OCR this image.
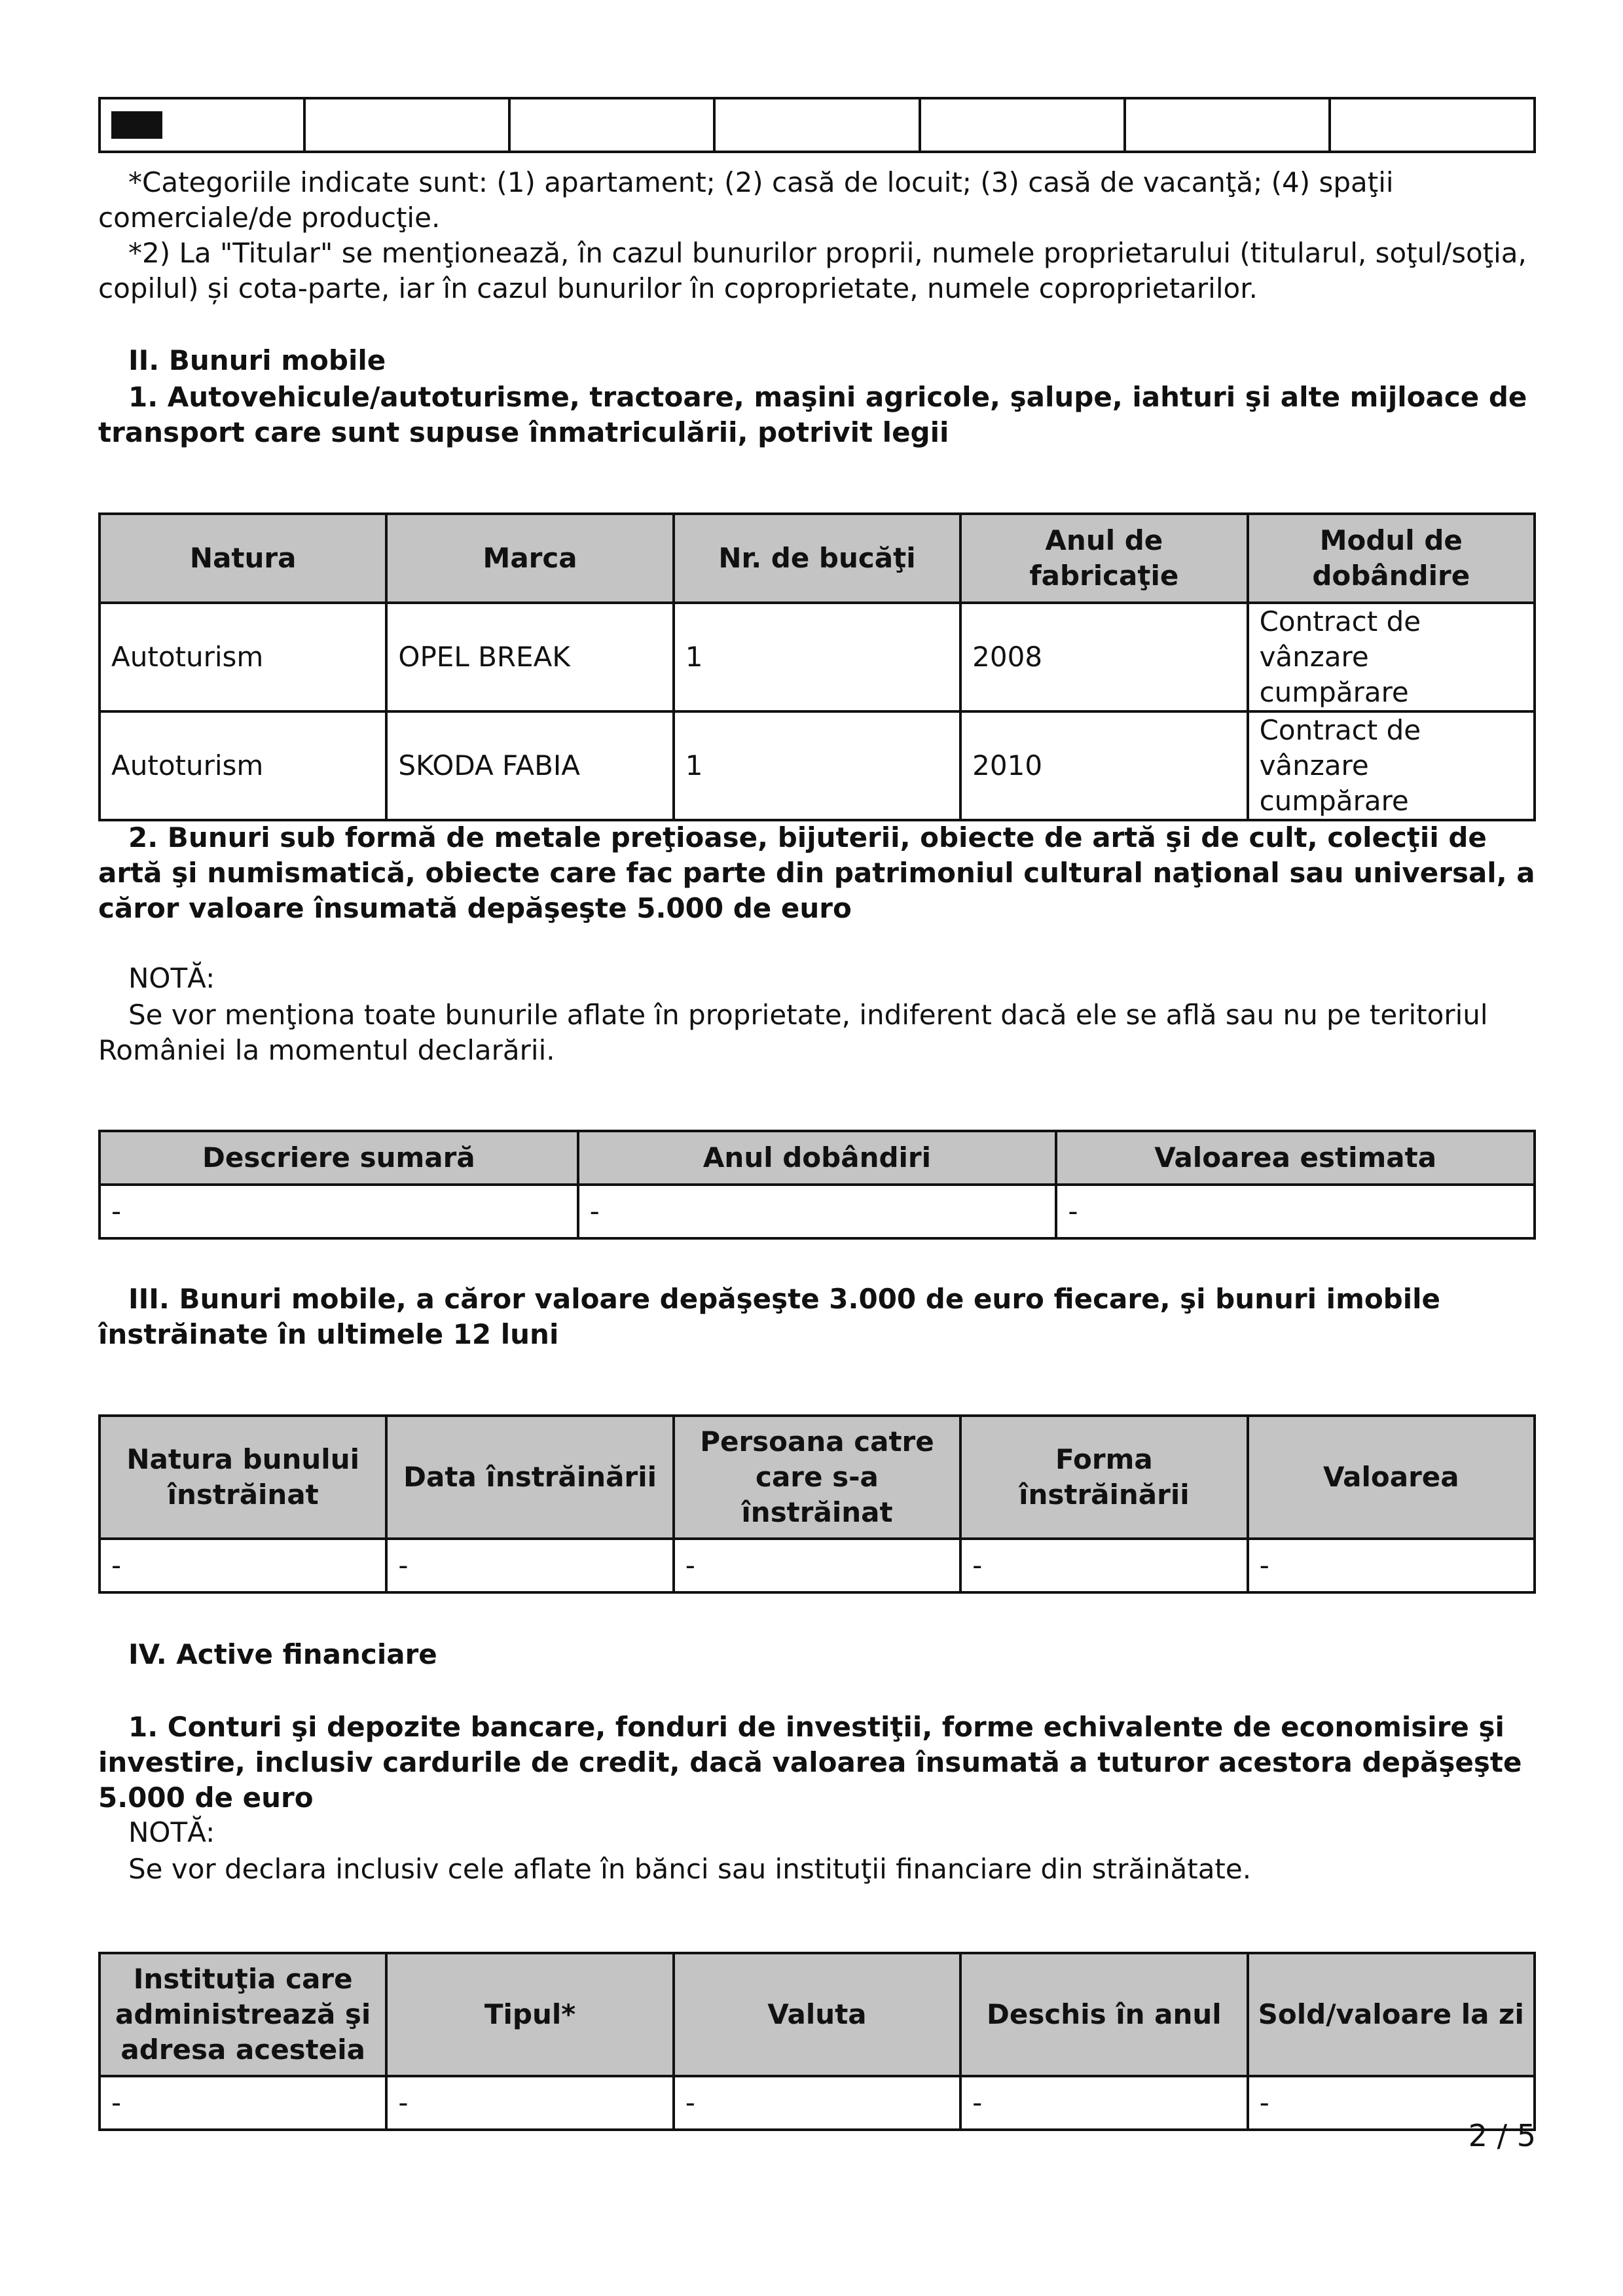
*Categoriile indicate sunt: (1) apartament; (2) casă de locuit; (3) casă de vacanţă; (4) spaţii comerciale/de producţie.
*2) La "Titular" se menţionează, în cazul bunurilor proprii, numele proprietarului (titularul, soţul/soţia, copilul) și cota-parte, iar în cazul bunurilor în coproprietate, numele coproprietarilor.
II. Bunuri mobile
1. Autovehicule/autoturisme, tractoare, maşini agricole, şalupe, iahturi şi alte mijloace de transport care sunt supuse înmatriculării, potrivit legii
Natura	Marca	Nr. de bucăţi	Anul de fabricaţie	Modul de dobândire
Autoturism	OPEL BREAK	1	2008	Contract de vânzare cumpărare
Autoturism	SKODA FABIA	1	2010	Contract de vânzare cumpărare
2. Bunuri sub formă de metale preţioase, bijuterii, obiecte de artă şi de cult, colecţii de artă şi numismatică, obiecte care fac parte din patrimoniul cultural naţional sau universal, a căror valoare însumată depăşeşte 5.000 de euro
NOTĂ:
Se vor menţiona toate bunurile aflate în proprietate, indiferent dacă ele se află sau nu pe teritoriul României la momentul declarării.
Descriere sumară	Anul dobândiri	Valoarea estimata
-	-	-
III. Bunuri mobile, a căror valoare depăşeşte 3.000 de euro fiecare, şi bunuri imobile înstrăinate în ultimele 12 luni
Natura bunului înstrăinat	Data înstrăinării	Persoana catre care s-a înstrăinat	Forma înstrăinării	Valoarea
-	-	-	-	-
IV. Active financiare
1. Conturi şi depozite bancare, fonduri de investiţii, forme echivalente de economisire şi investire, inclusiv cardurile de credit, dacă valoarea însumată a tuturor acestora depăşeşte 5.000 de euro
NOTĂ:
Se vor declara inclusiv cele aflate în bănci sau instituţii financiare din străinătate.
Instituţia care administrează şi adresa acesteia	Tipul*	Valuta	Deschis în anul	Sold/valoare la zi
-	-	-	-	-
2 / 5
